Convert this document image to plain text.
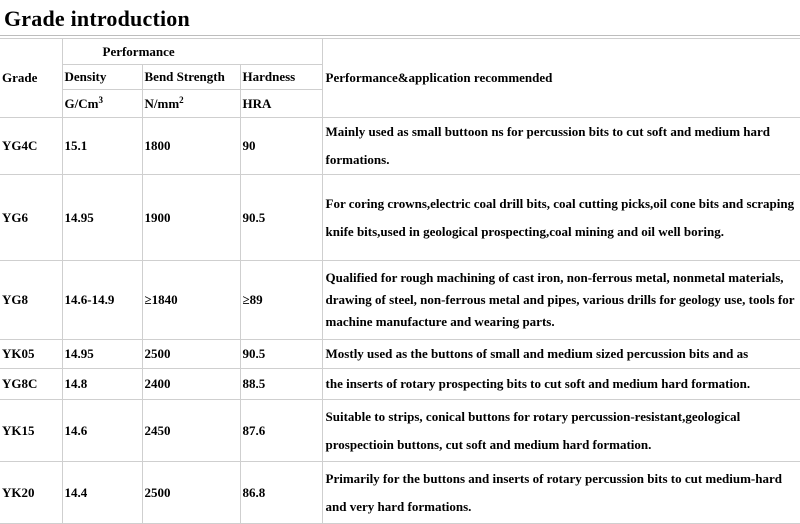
Grade introduction
Grade	Performance			Performance&application recommended
	Density	Bend Strength	Hardness	
	G/Cm$^3$	$N/mm^2$	HRA	
YG4C	15.1	1800	90	Mainly used as small buttoon ns for percussion bits to cut soft and medium hard formations.
YG6	14.95	1900	90.5	For coring crowns,electric coal drill bits, coal cutting picks,oil cone bits and scraping knife bits,used in geological prospecting,coal mining and oil well boring.
YG8	14.6-14.9	≥1840	≥89	Qualified for rough machining of cast iron, non-ferrous metal, nonmetal materials, drawing of steel, non-ferrous metal and pipes, various drills for geology use, tools for machine manufacture and wearing parts.
YK05	14.95	2500	90.5	Mostly used as the buttons of small and medium sized percussion bits and as
YG8C	14.8	2400	88.5	the inserts of rotary prospecting bits to cut soft and medium hard formation.
YK15	14.6	2450	87.6	Suitable to strips, conical buttons for rotary percussion-resistant,geological prospectioin buttons, cut soft and medium hard formation.
YK20	14.4	2500	86.8	Primarily for the buttons and inserts of rotary percussion bits to cut medium-hard and very hard formations.
